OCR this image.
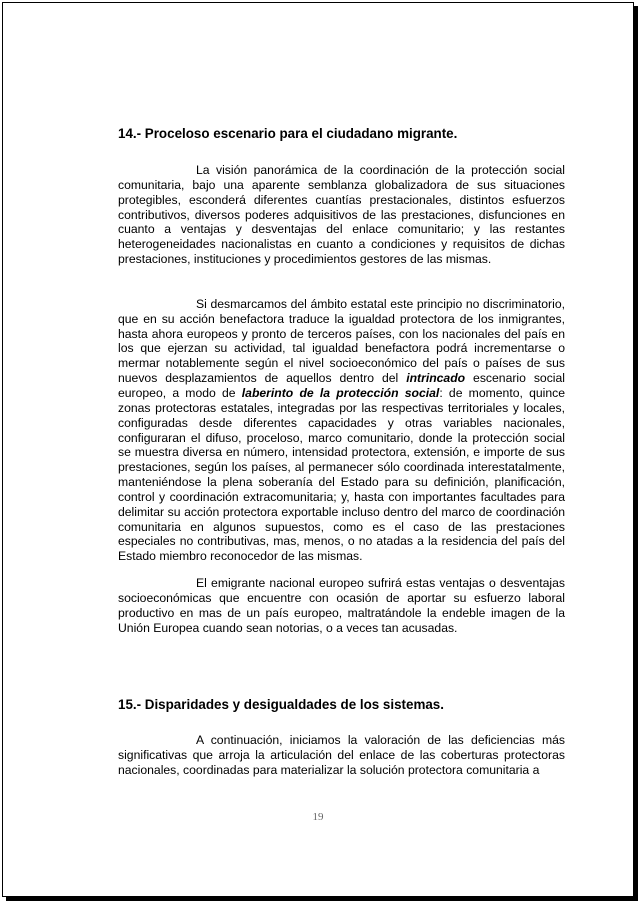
14.- Proceloso escenario para el ciudadano migrante.

La visión panorámica de la coordinación de la protección social comunitaria, bajo una aparente semblanza globalizadora de sus situaciones protegibles, esconderá diferentes cuantías prestacionales, distintos esfuerzos contributivos, diversos poderes adquisitivos de las prestaciones, disfunciones en cuanto a ventajas y desventajas del enlace comunitario; y las restantes heterogeneidades nacionalistas en cuanto a condiciones y requisitos de dichas prestaciones, instituciones y procedimientos gestores de las mismas.

Si desmarcamos del ámbito estatal este principio no discriminatorio, que en su acción benefactora traduce la igualdad protectora de los inmigrantes, hasta ahora europeos y pronto de terceros países, con los nacionales del país en los que ejerzan su actividad, tal igualdad benefactora podrá incrementarse o mermar notablemente según el nivel socioeconómico del país o países de sus nuevos desplazamientos de aquellos dentro del intrincado escenario social europeo, a modo de laberinto de la protección social: de momento, quince zonas protectoras estatales, integradas por las respectivas territoriales y locales, configuradas desde diferentes capacidades y otras variables nacionales, configuraran el difuso, proceloso, marco comunitario, donde la protección social se muestra diversa en número, intensidad protectora, extensión, e importe de sus prestaciones, según los países, al permanecer sólo coordinada interestatalmente, manteniéndose la plena soberanía del Estado para su definición, planificación, control y coordinación extracomunitaria; y, hasta con importantes facultades para delimitar su acción protectora exportable incluso dentro del marco de coordinación comunitaria en algunos supuestos, como es el caso de las prestaciones especiales no contributivas, mas, menos, o no atadas a la residencia del país del Estado miembro reconocedor de las mismas.

El emigrante nacional europeo sufrirá estas ventajas o desventajas socioeconómicas que encuentre con ocasión de aportar su esfuerzo laboral productivo en mas de un país europeo, maltratándole la endeble imagen de la Unión Europea cuando sean notorias, o a veces tan acusadas.

15.- Disparidades y desigualdades de los sistemas.

A continuación, iniciamos la valoración de las deficiencias más significativas que arroja la articulación del enlace de las coberturas protectoras nacionales, coordinadas para materializar la solución protectora comunitaria a

19
